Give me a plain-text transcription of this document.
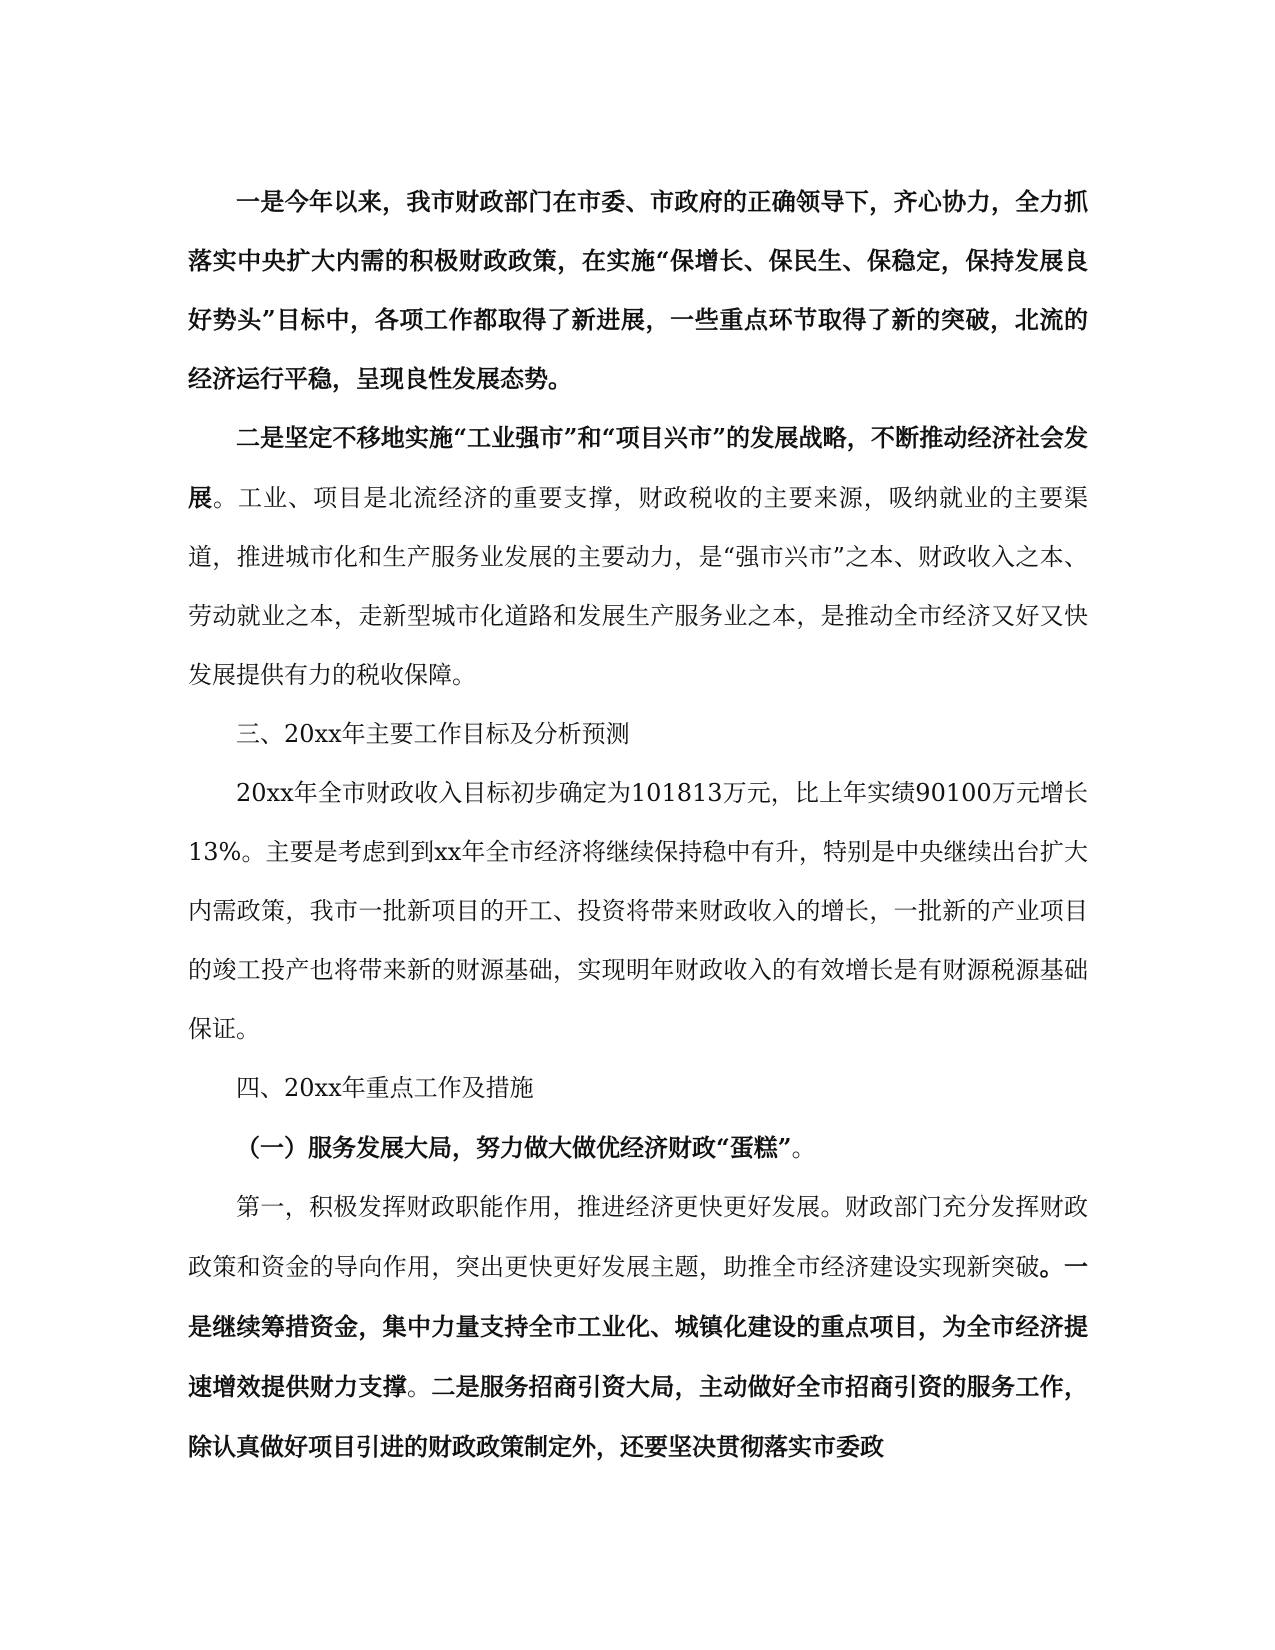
一是今年以来，我市财政部门在市委、市政府的正确领导下，齐心协力，全力抓落实中央扩大内需的积极财政政策，在实施“保增长、保民生、保稳定，保持发展良好势头”目标中，各项工作都取得了新进展，一些重点环节取得了新的突破，北流的经济运行平稳，呈现良性发展态势。

二是坚定不移地实施“工业强市”和“项目兴市”的发展战略，不断推动经济社会发展。工业、项目是北流经济的重要支撑，财政税收的主要来源，吸纳就业的主要渠道，推进城市化和生产服务业发展的主要动力，是“强市兴市”之本、财政收入之本、劳动就业之本，走新型城市化道路和发展生产服务业之本，是推动全市经济又好又快发展提供有力的税收保障。

三、20xx年主要工作目标及分析预测

20xx年全市财政收入目标初步确定为101813万元，比上年实绩90100万元增长13%。主要是考虑到到xx年全市经济将继续保持稳中有升，特别是中央继续出台扩大内需政策，我市一批新项目的开工、投资将带来财政收入的增长，一批新的产业项目的竣工投产也将带来新的财源基础，实现明年财政收入的有效增长是有财源税源基础保证。

四、20xx年重点工作及措施

（一）服务发展大局，努力做大做优经济财政“蛋糕”。

第一，积极发挥财政职能作用，推进经济更快更好发展。财政部门充分发挥财政政策和资金的导向作用，突出更快更好发展主题，助推全市经济建设实现新突破。一是继续筹措资金，集中力量支持全市工业化、城镇化建设的重点项目，为全市经济提速增效提供财力支撑。二是服务招商引资大局，主动做好全市招商引资的服务工作，除认真做好项目引进的财政政策制定外，还要坚决贯彻落实市委政
